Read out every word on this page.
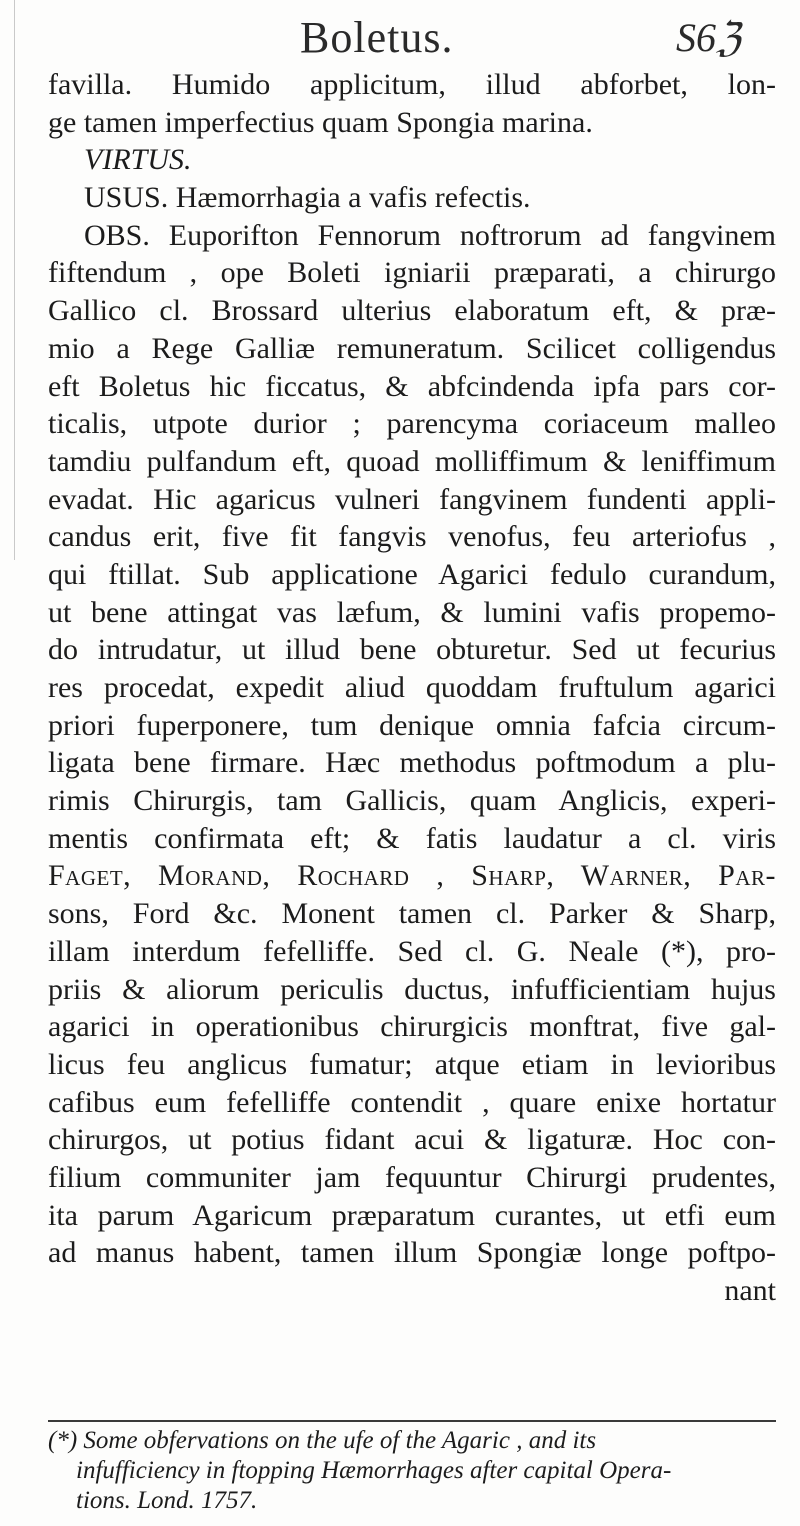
Boletus.	S6ℨ
favilla. Humido applicitum, illud abforbet, lon-
ge tamen imperfectius quam Spongia marina.
VIRTUS.
USUS. Hæmorrhagia a vafis refectis.
OBS. Euporifton Fennorum noftrorum ad fangvinem
fiftendum , ope Boleti igniarii præparati, a chirurgo
Gallico cl. Brossard ulterius elaboratum eft, & præ-
mio a Rege Galliæ remuneratum. Scilicet colligendus
eft Boletus hic ficcatus, & abfcindenda ipfa pars cor-
ticalis, utpote durior ; parencyma coriaceum malleo
tamdiu pulfandum eft, quoad molliffimum & leniffimum
evadat. Hic agaricus vulneri fangvinem fundenti appli-
candus erit, five fit fangvis venofus, feu arteriofus ,
qui ftillat. Sub applicatione Agarici fedulo curandum,
ut bene attingat vas læfum, & lumini vafis propemo-
do intrudatur, ut illud bene obturetur. Sed ut fecurius
res procedat, expedit aliud quoddam fruftulum agarici
priori fuperponere, tum denique omnia fafcia circum-
ligata bene firmare. Hæc methodus poftmodum a plu-
rimis Chirurgis, tam Gallicis, quam Anglicis, experi-
mentis confirmata eft; & fatis laudatur a cl. viris
Faget, Morand, Rochard , Sharp, Warner, Par-
sons, Ford &c. Monent tamen cl. Parker & Sharp,
illam interdum fefelliffe. Sed cl. G. Neale (*), pro-
priis & aliorum periculis ductus, infufficientiam hujus
agarici in operationibus chirurgicis monftrat, five gal-
licus feu anglicus fumatur; atque etiam in levioribus
cafibus eum fefelliffe contendit , quare enixe hortatur
chirurgos, ut potius fidant acui & ligaturæ. Hoc con-
filium communiter jam fequuntur Chirurgi prudentes,
ita parum Agaricum præparatum curantes, ut etfi eum
ad manus habent, tamen illum Spongiæ longe poftpo-
nant
(*) Some obfervations on the ufe of the Agaric , and its
infufficiency in ftopping Hæmorrhages after capital Opera-
tions. Lond. 1757.
